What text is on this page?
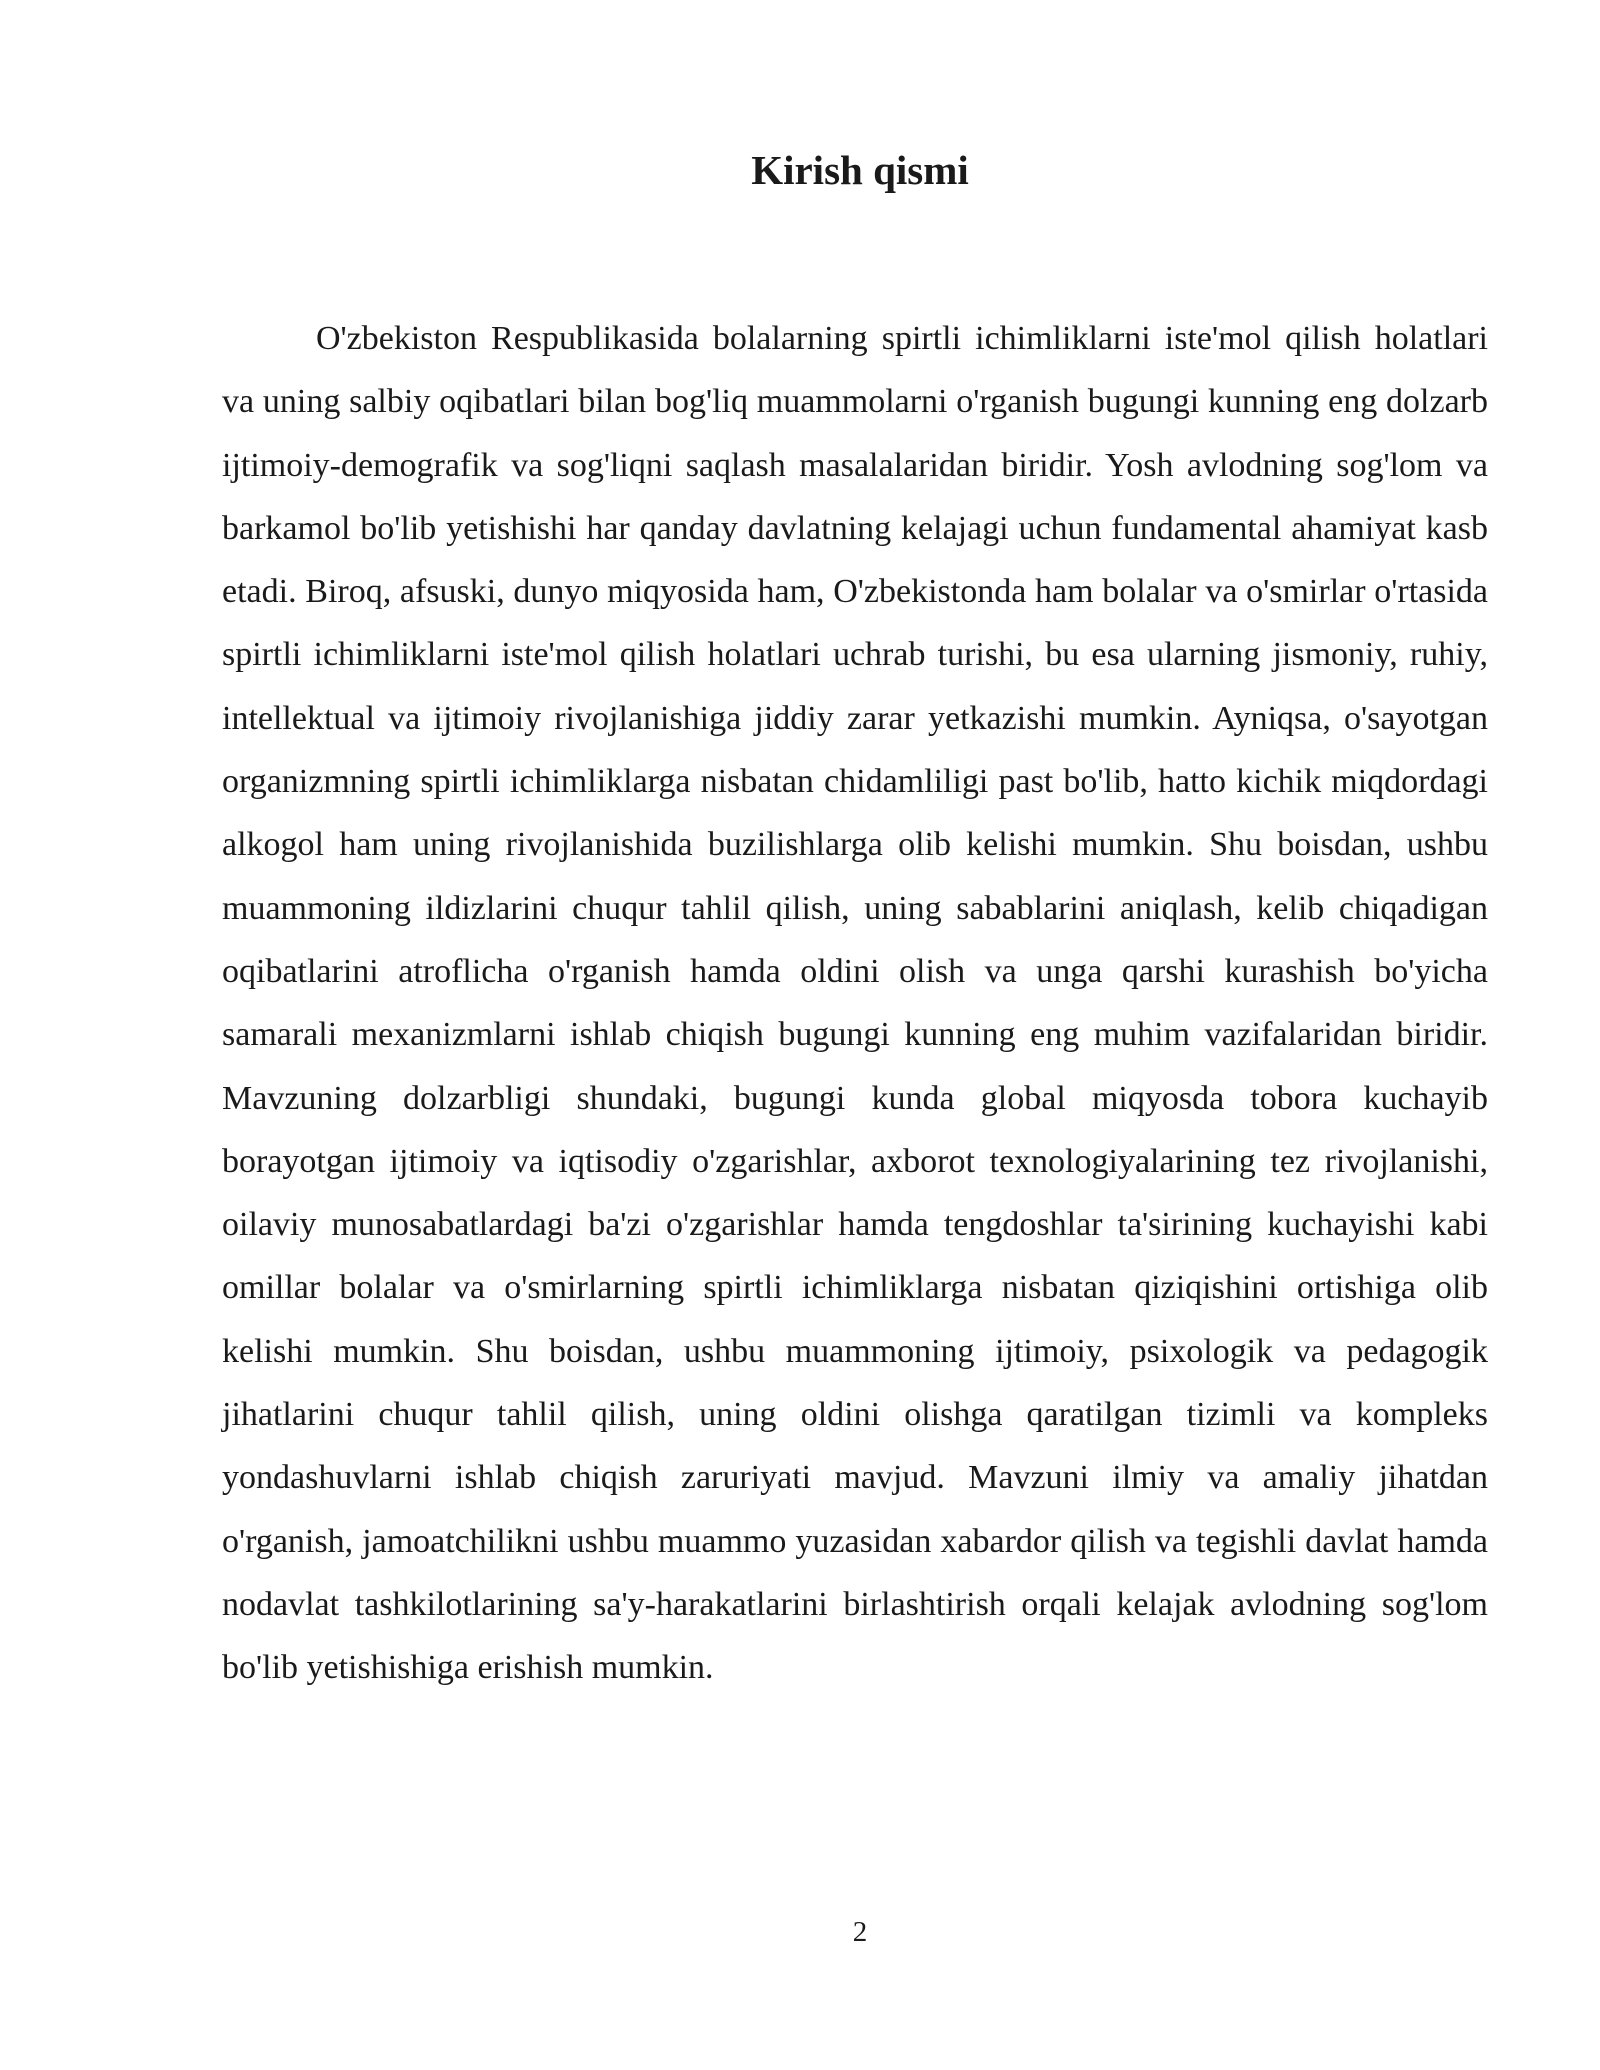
Kirish qismi

O'zbekiston Respublikasida bolalarning spirtli ichimliklarni iste'mol qilish holatlari va uning salbiy oqibatlari bilan bog'liq muammolarni o'rganish bugungi kunning eng dolzarb ijtimoiy-demografik va sog'liqni saqlash masalalaridan biridir. Yosh avlodning sog'lom va barkamol bo'lib yetishishi har qanday davlatning kelajagi uchun fundamental ahamiyat kasb etadi. Biroq, afsuski, dunyo miqyosida ham, O'zbekistonda ham bolalar va o'smirlar o'rtasida spirtli ichimliklarni iste'mol qilish holatlari uchrab turishi, bu esa ularning jismoniy, ruhiy, intellektual va ijtimoiy rivojlanishiga jiddiy zarar yetkazishi mumkin. Ayniqsa, o'sayotgan organizmning spirtli ichimliklarga nisbatan chidamliligi past bo'lib, hatto kichik miqdordagi alkogol ham uning rivojlanishida buzilishlarga olib kelishi mumkin. Shu boisdan, ushbu muammoning ildizlarini chuqur tahlil qilish, uning sabablarini aniqlash, kelib chiqadigan oqibatlarini atroflicha o'rganish hamda oldini olish va unga qarshi kurashish bo'yicha samarali mexanizmlarni ishlab chiqish bugungi kunning eng muhim vazifalaridan biridir. Mavzuning dolzarbligi shundaki, bugungi kunda global miqyosda tobora kuchayib borayotgan ijtimoiy va iqtisodiy o'zgarishlar, axborot texnologiyalarining tez rivojlanishi, oilaviy munosabatlardagi ba'zi o'zgarishlar hamda tengdoshlar ta'sirining kuchayishi kabi omillar bolalar va o'smirlarning spirtli ichimliklarga nisbatan qiziqishini ortishiga olib kelishi mumkin. Shu boisdan, ushbu muammoning ijtimoiy, psixologik va pedagogik jihatlarini chuqur tahlil qilish, uning oldini olishga qaratilgan tizimli va kompleks yondashuvlarni ishlab chiqish zaruriyati mavjud. Mavzuni ilmiy va amaliy jihatdan o'rganish, jamoatchilikni ushbu muammo yuzasidan xabardor qilish va tegishli davlat hamda nodavlat tashkilotlarining sa'y-harakatlarini birlashtirish orqali kelajak avlodning sog'lom bo'lib yetishishiga erishish mumkin.

2
